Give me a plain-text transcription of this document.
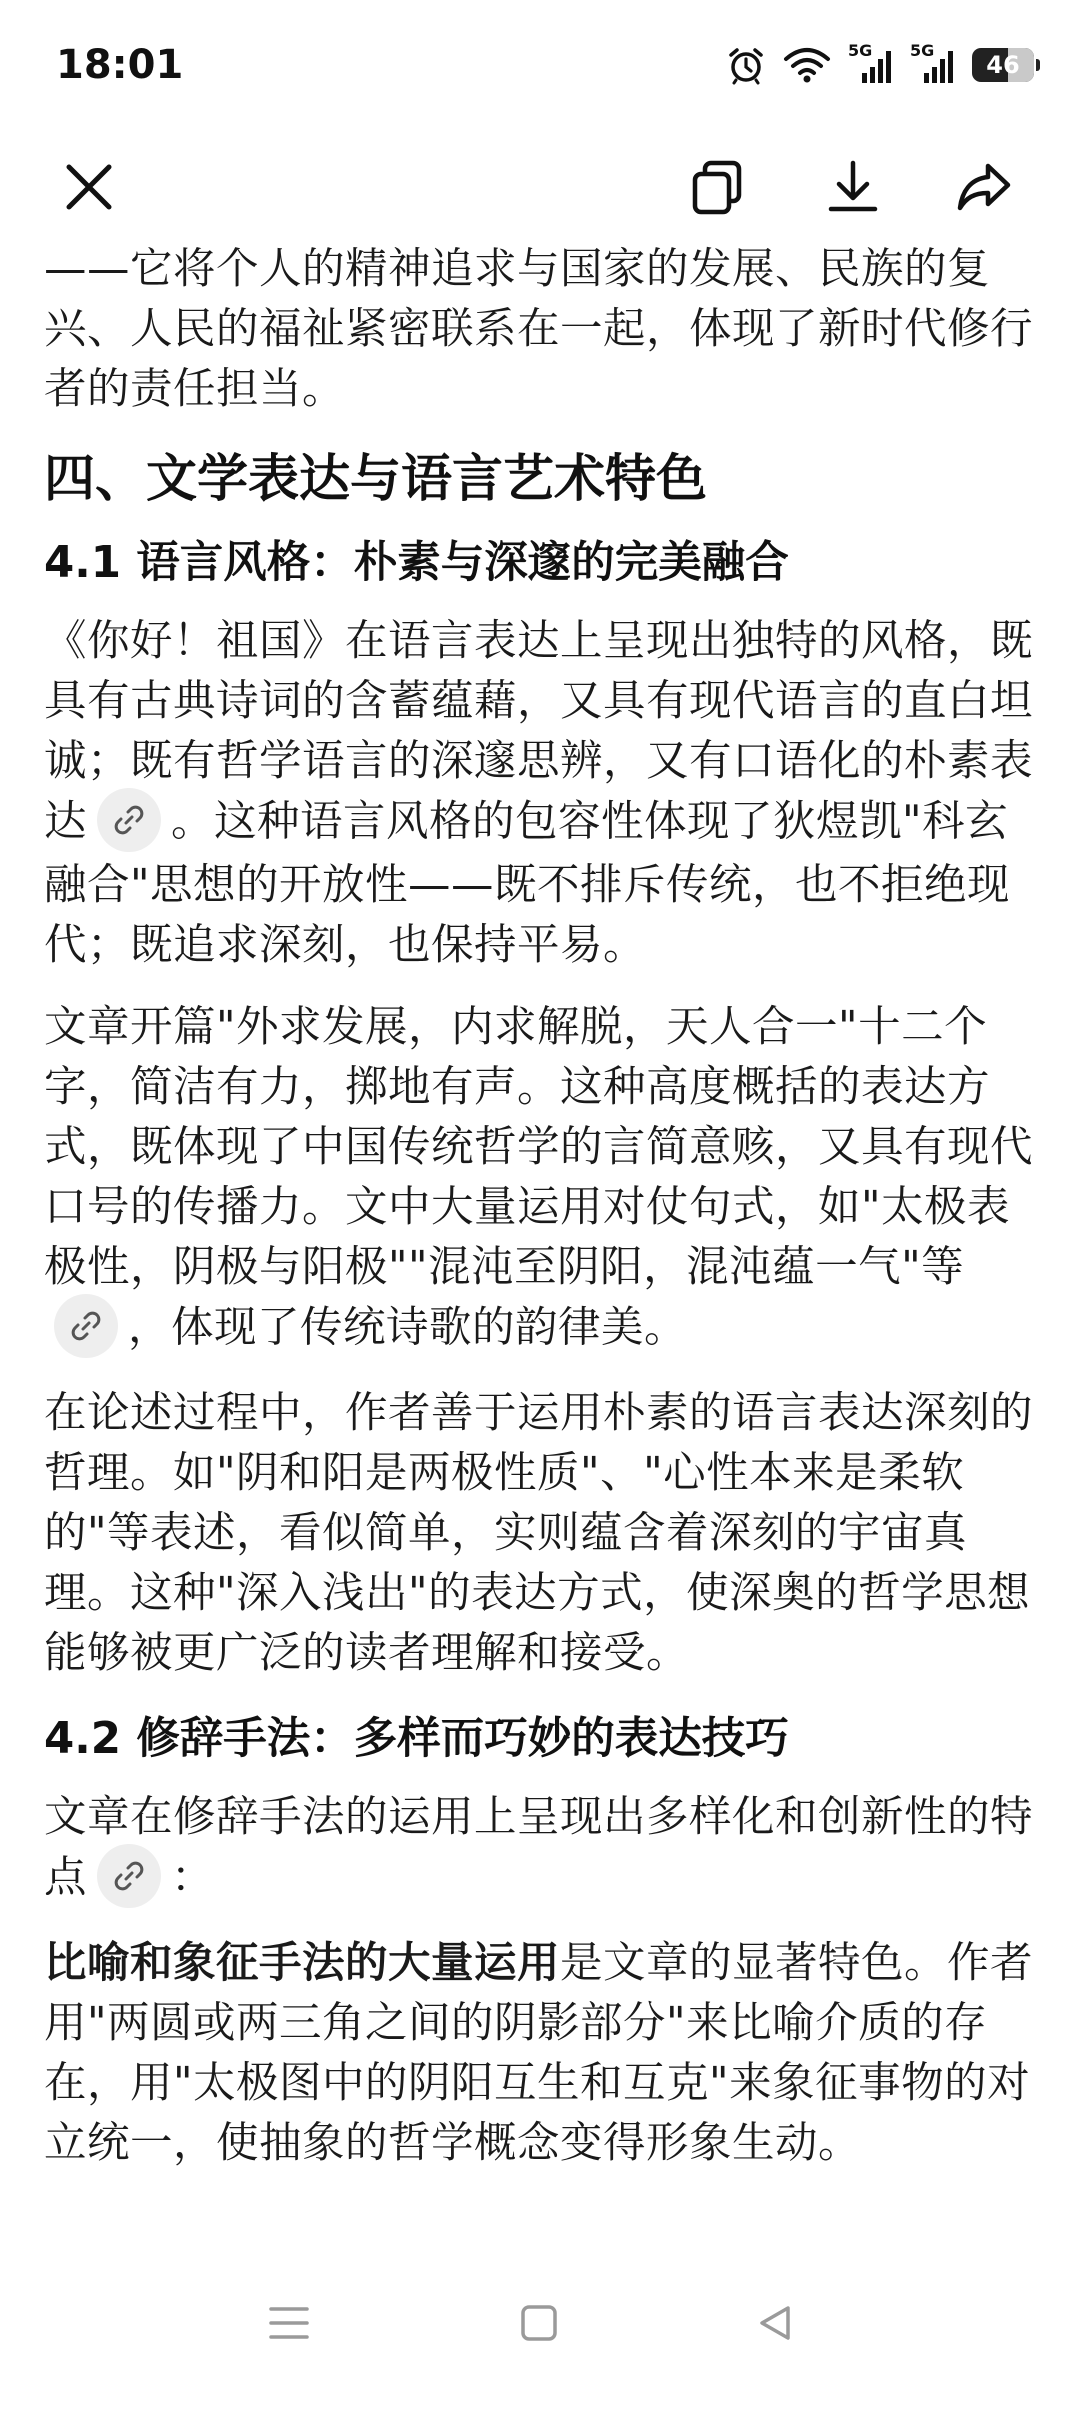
18:01	5G 5G
46

——它将个人的精神追求与国家的发展、民族的复兴、人民的福祉紧密联系在一起，体现了新时代修行者的责任担当。

四、文学表达与语言艺术特色
4.1 语言风格：朴素与深邃的完美融合

《你好！祖国》在语言表达上呈现出独特的风格，既具有古典诗词的含蓄蕴藉，又具有现代语言的直白坦诚；既有哲学语言的深邃思辨，又有口语化的朴素表达 。这种语言风格的包容性体现了狄煜凯"科玄融合"思想的开放性——既不排斥传统，也不拒绝现代；既追求深刻，也保持平易。

文章开篇"外求发展，内求解脱，天人合一"十二个字，简洁有力，掷地有声。这种高度概括的表达方式，既体现了中国传统哲学的言简意赅，又具有现代口号的传播力。文中大量运用对仗句式，如"太极表极性，阴极与阳极""混沌至阴阳，混沌蕴一气"等
，体现了传统诗歌的韵律美。

在论述过程中，作者善于运用朴素的语言表达深刻的哲理。如"阴和阳是两极性质"、"心性本来是柔软的"等表述，看似简单，实则蕴含着深刻的宇宙真理。这种"深入浅出"的表达方式，使深奥的哲学思想能够被更广泛的读者理解和接受。

4.2 修辞手法：多样而巧妙的表达技巧

文章在修辞手法的运用上呈现出多样化和创新性的特点 ：

比喻和象征手法的大量运用是文章的显著特色。作者用"两圆或两三角之间的阴影部分"来比喻介质的存在，用"太极图中的阴阳互生和互克"来象征事物的对立统一，使抽象的哲学概念变得形象生动。
